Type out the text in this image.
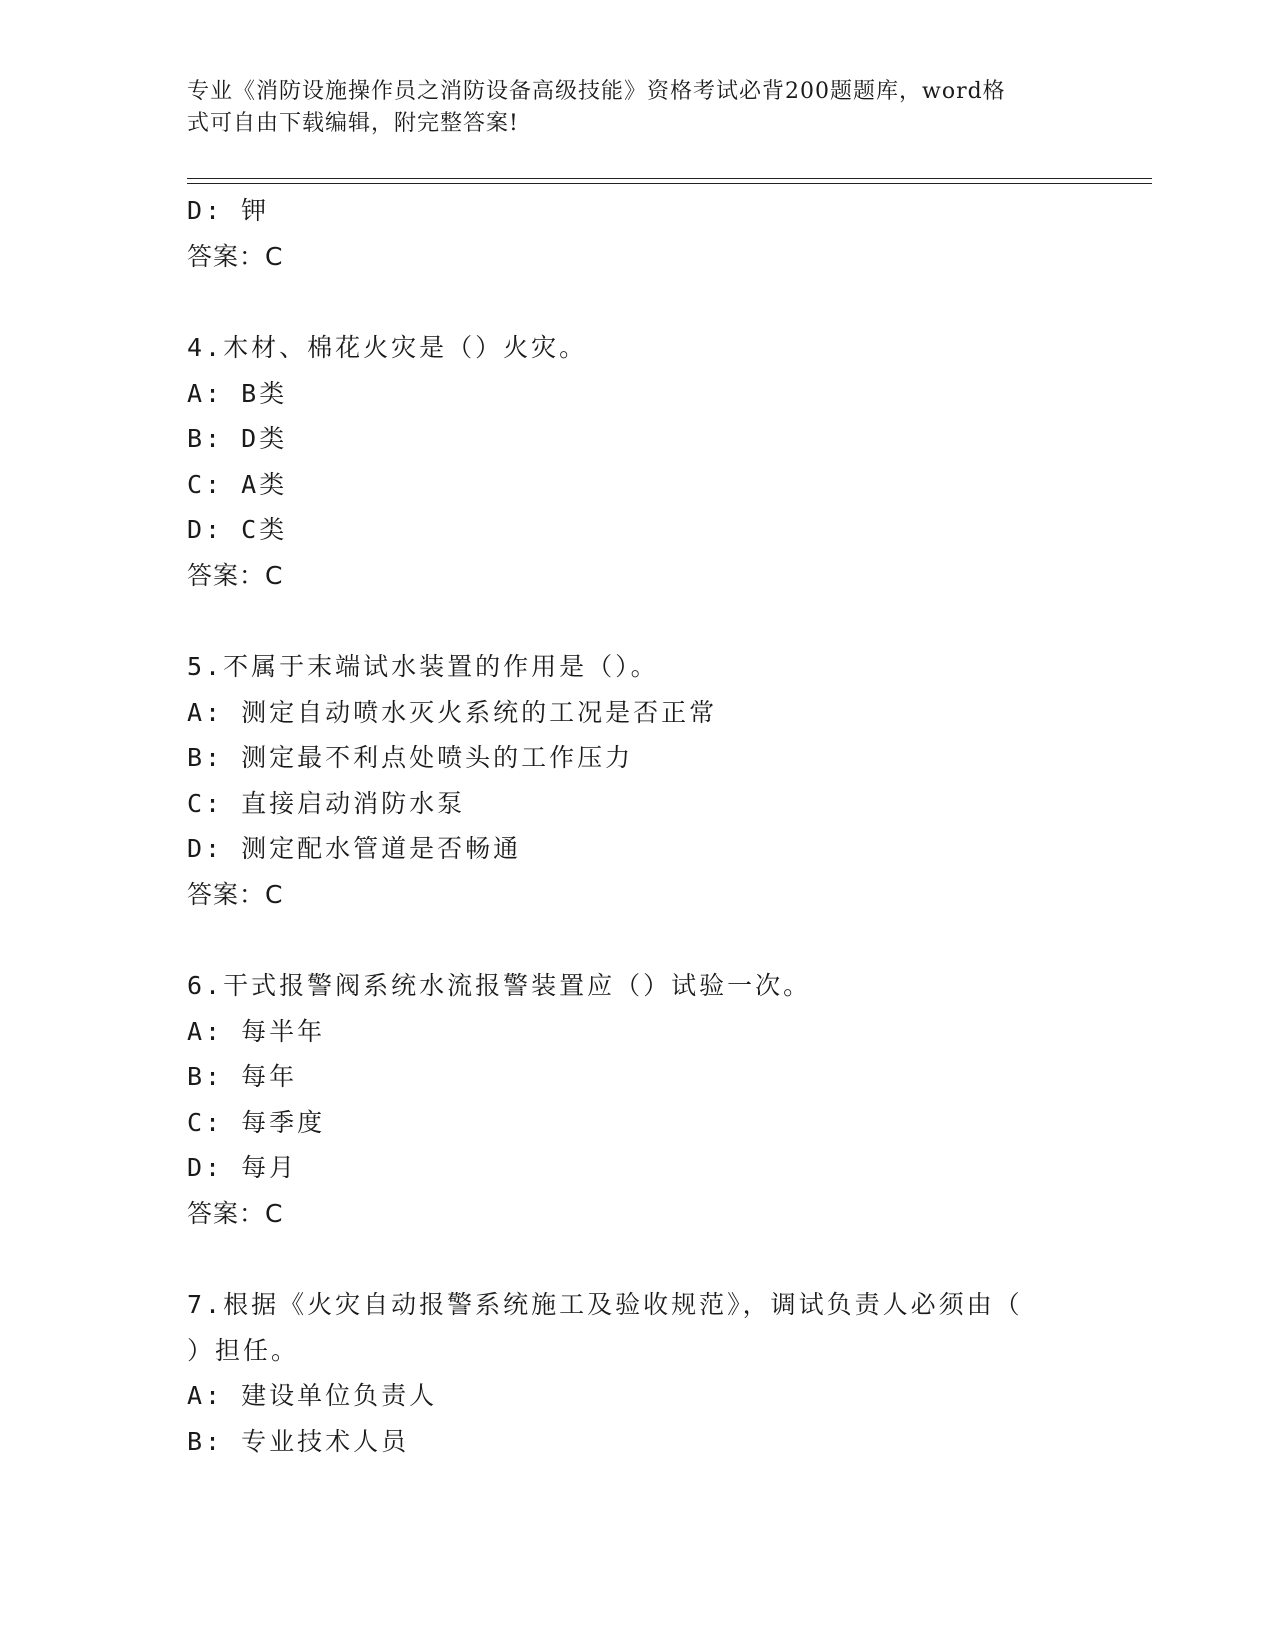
专业《消防设施操作员之消防设备高级技能》资格考试必背200题题库，word格
式可自由下载编辑，附完整答案!
D: 钾
答案：C
4.木材、棉花火灾是（）火灾。
A: B类
B: D类
C: A类
D: C类
答案：C
5.不属于末端试水装置的作用是（）。
A: 测定自动喷水灭火系统的工况是否正常
B: 测定最不利点处喷头的工作压力
C: 直接启动消防水泵
D: 测定配水管道是否畅通
答案：C
6.干式报警阀系统水流报警装置应（）试验一次。
A: 每半年
B: 每年
C: 每季度
D: 每月
答案：C
7.根据《火灾自动报警系统施工及验收规范》，调试负责人必须由（
）担任。
A: 建设单位负责人
B: 专业技术人员
